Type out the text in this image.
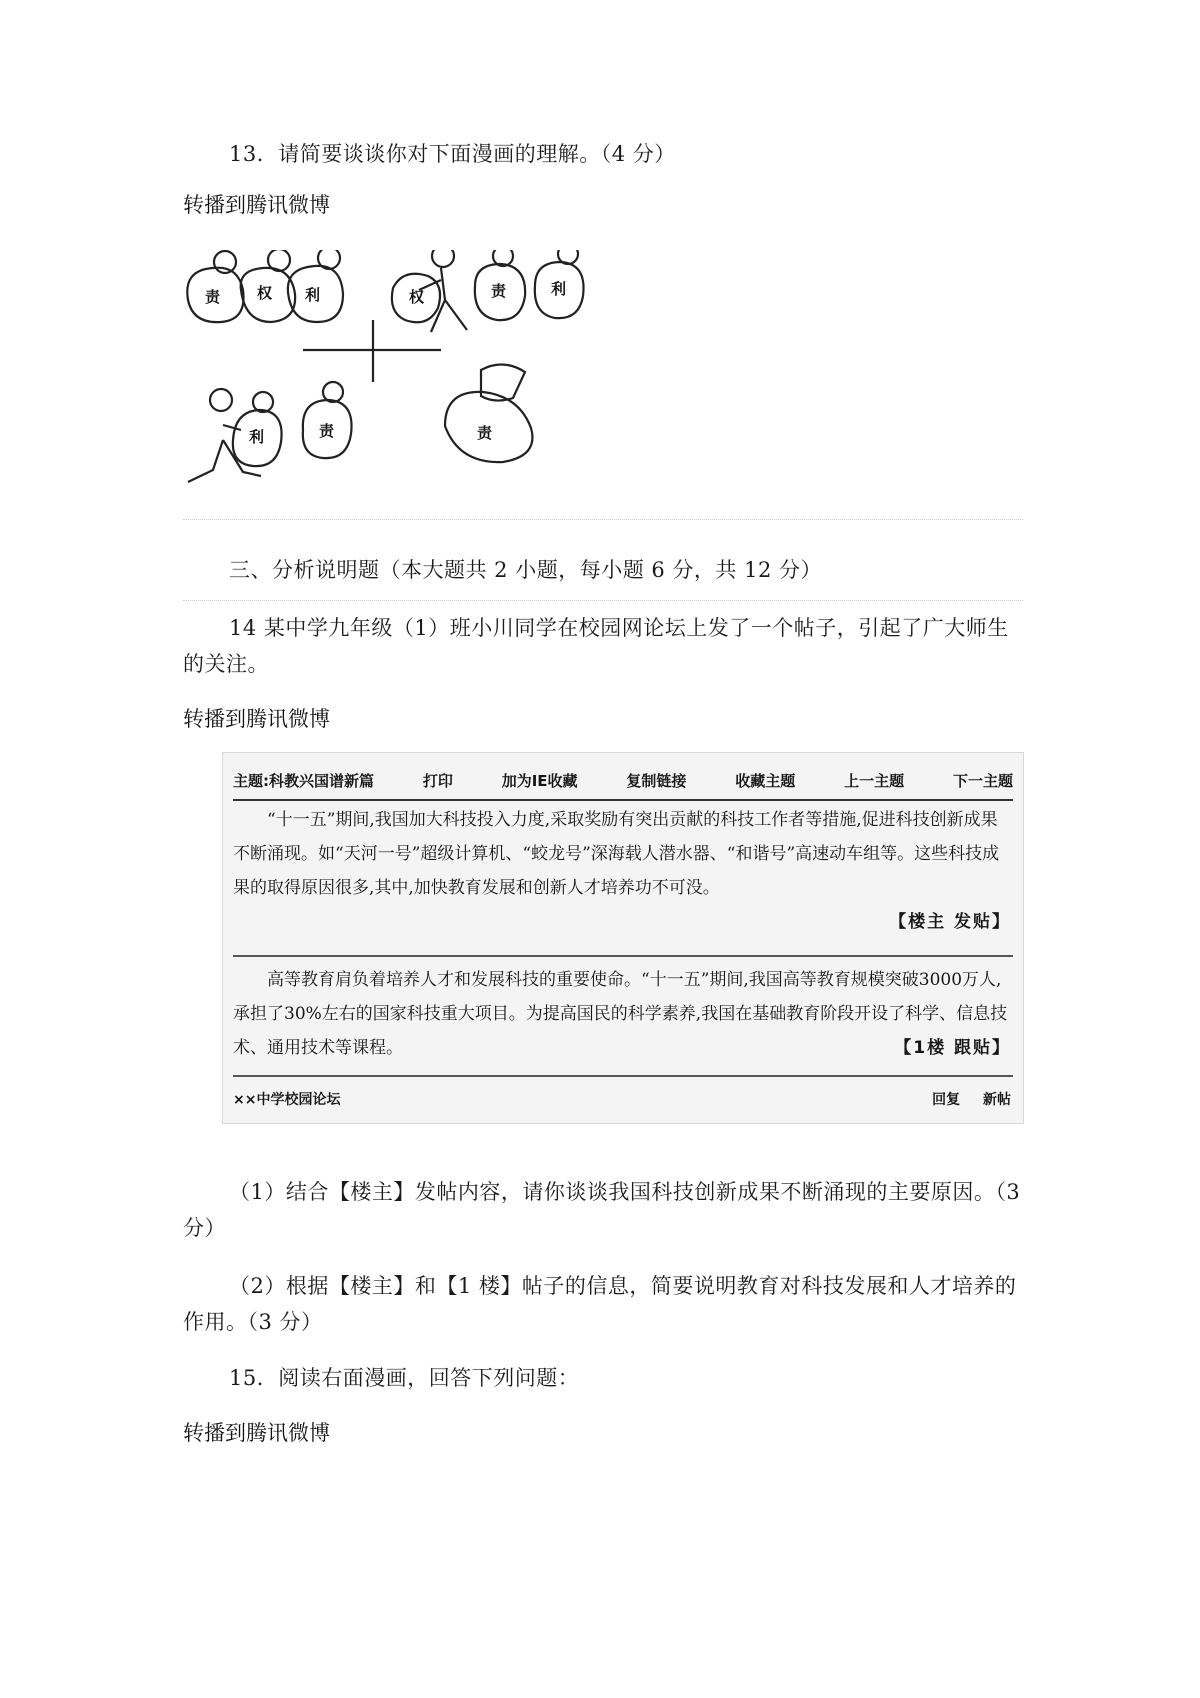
13．请简要谈谈你对下面漫画的理解。（4 分）
转播到腾讯微博
责 权 利	权	责	利
利	责	责
三、分析说明题（本大题共 2 小题，每小题 6 分，共 12 分）
14 某中学九年级（1）班小川同学在校园网论坛上发了一个帖子，引起了广大师生的关注。
转播到腾讯微博
主题:科教兴国谱新篇	打印	加为IE收藏	复制链接	收藏主题	上一主题	下一主题
“十一五”期间,我国加大科技投入力度,采取奖励有突出贡献的科技工作者等措施,促进科技创新成果不断涌现。如“天河一号”超级计算机、“蛟龙号”深海载人潜水器、“和谐号”高速动车组等。这些科技成果的取得原因很多,其中,加快教育发展和创新人才培养功不可没。
【楼主 发贴】
高等教育肩负着培养人才和发展科技的重要使命。“十一五”期间,我国高等教育规模突破3000万人,承担了30%左右的国家科技重大项目。为提高国民的科学素养,我国在基础教育阶段开设了科学、信息技术、通用技术等课程。	【1楼 跟贴】
××中学校园论坛	回复 新帖
（1）结合【楼主】发帖内容，请你谈谈我国科技创新成果不断涌现的主要原因。（3 分）
（2）根据【楼主】和【1 楼】帖子的信息，简要说明教育对科技发展和人才培养的作用。（3 分）
15．阅读右面漫画，回答下列问题：
转播到腾讯微博
